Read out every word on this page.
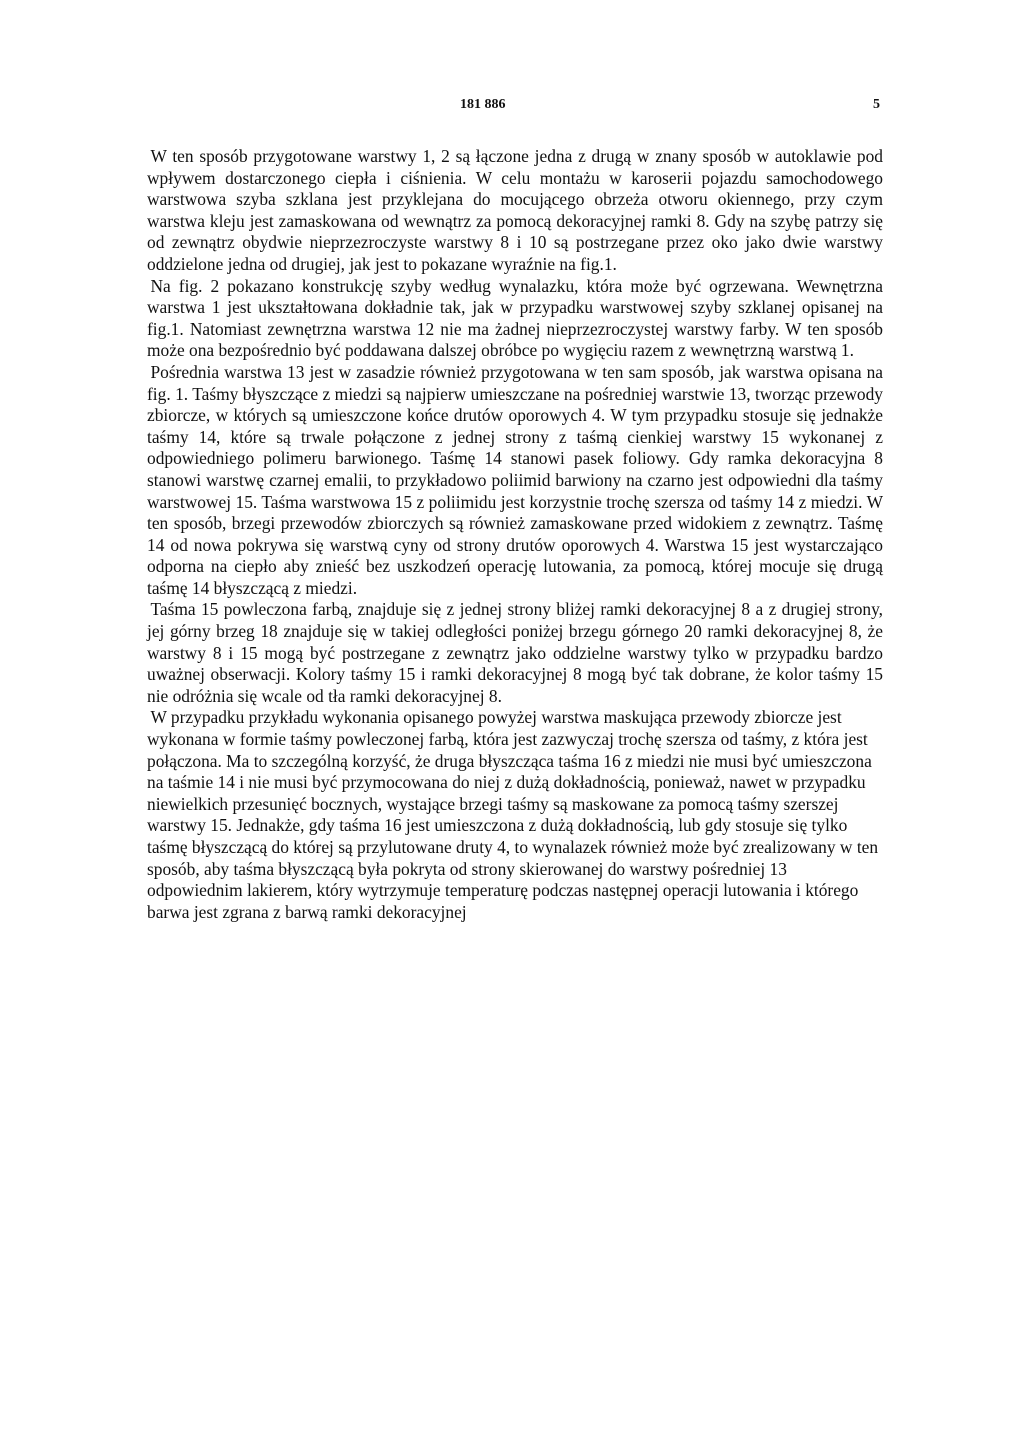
181 886	5

W ten sposób przygotowane warstwy 1, 2 są łączone jedna z drugą w znany sposób w autoklawie pod wpływem dostarczonego ciepła i ciśnienia. W celu montażu w karoserii pojazdu samochodowego warstwowa szyba szklana jest przyklejana do mocującego obrzeża otworu okiennego, przy czym warstwa kleju jest zamaskowana od wewnątrz za pomocą dekoracyjnej ramki 8. Gdy na szybę patrzy się od zewnątrz obydwie nieprzezroczyste warstwy 8 i 10 są postrzegane przez oko jako dwie warstwy oddzielone jedna od drugiej, jak jest to pokazane wyraźnie na fig.1.

Na fig. 2 pokazano konstrukcję szyby według wynalazku, która może być ogrzewana. Wewnętrzna warstwa 1 jest ukształtowana dokładnie tak, jak w przypadku warstwowej szyby szklanej opisanej na fig.1. Natomiast zewnętrzna warstwa 12 nie ma żadnej nieprzezroczystej warstwy farby. W ten sposób może ona bezpośrednio być poddawana dalszej obróbce po wygięciu razem z wewnętrzną warstwą 1.

Pośrednia warstwa 13 jest w zasadzie również przygotowana w ten sam sposób, jak warstwa opisana na fig. 1. Taśmy błyszczące z miedzi są najpierw umieszczane na pośredniej warstwie 13, tworząc przewody zbiorcze, w których są umieszczone końce drutów oporowych 4. W tym przypadku stosuje się jednakże taśmy 14, które są trwale połączone z jednej strony z taśmą cienkiej warstwy 15 wykonanej z odpowiedniego polimeru barwionego. Taśmę 14 stanowi pasek foliowy. Gdy ramka dekoracyjna 8 stanowi warstwę czarnej emalii, to przykładowo poliimid barwiony na czarno jest odpowiedni dla taśmy warstwowej 15. Taśma warstwowa 15 z poliimidu jest korzystnie trochę szersza od taśmy 14 z miedzi. W ten sposób, brzegi przewodów zbiorczych są również zamaskowane przed widokiem z zewnątrz. Taśmę 14 od nowa pokrywa się warstwą cyny od strony drutów oporowych 4. Warstwa 15 jest wystarczająco odporna na ciepło aby znieść bez uszkodzeń operację lutowania, za pomocą, której mocuje się drugą taśmę 14 błyszczącą z miedzi.

Taśma 15 powleczona farbą, znajduje się z jednej strony bliżej ramki dekoracyjnej 8 a z drugiej strony, jej górny brzeg 18 znajduje się w takiej odległości poniżej brzegu górnego 20 ramki dekoracyjnej 8, że warstwy 8 i 15 mogą być postrzegane z zewnątrz jako oddzielne warstwy tylko w przypadku bardzo uważnej obserwacji. Kolory taśmy 15 i ramki dekoracyjnej 8 mogą być tak dobrane, że kolor taśmy 15 nie odróżnia się wcale od tła ramki dekoracyjnej 8.

W przypadku przykładu wykonania opisanego powyżej warstwa maskująca przewody zbiorcze jest wykonana w formie taśmy powleczonej farbą, która jest zazwyczaj trochę szersza od taśmy, z która jest połączona. Ma to szczególną korzyść, że druga błyszcząca taśma 16 z miedzi nie musi być umieszczona na taśmie 14 i nie musi być przymocowana do niej z dużą dokładnością, ponieważ, nawet w przypadku niewielkich przesunięć bocznych, wystające brzegi taśmy są maskowane za pomocą taśmy szerszej warstwy 15. Jednakże, gdy taśma 16 jest umieszczona z dużą dokładnością, lub gdy stosuje się tylko taśmę błyszczącą do której są przylutowane druty 4, to wynalazek również może być zrealizowany w ten sposób, aby taśma błyszczącą była pokryta od strony skierowanej do warstwy pośredniej 13 odpowiednim lakierem, który wytrzymuje temperaturę podczas następnej operacji lutowania i którego barwa jest zgrana z barwą ramki dekoracyjnej
